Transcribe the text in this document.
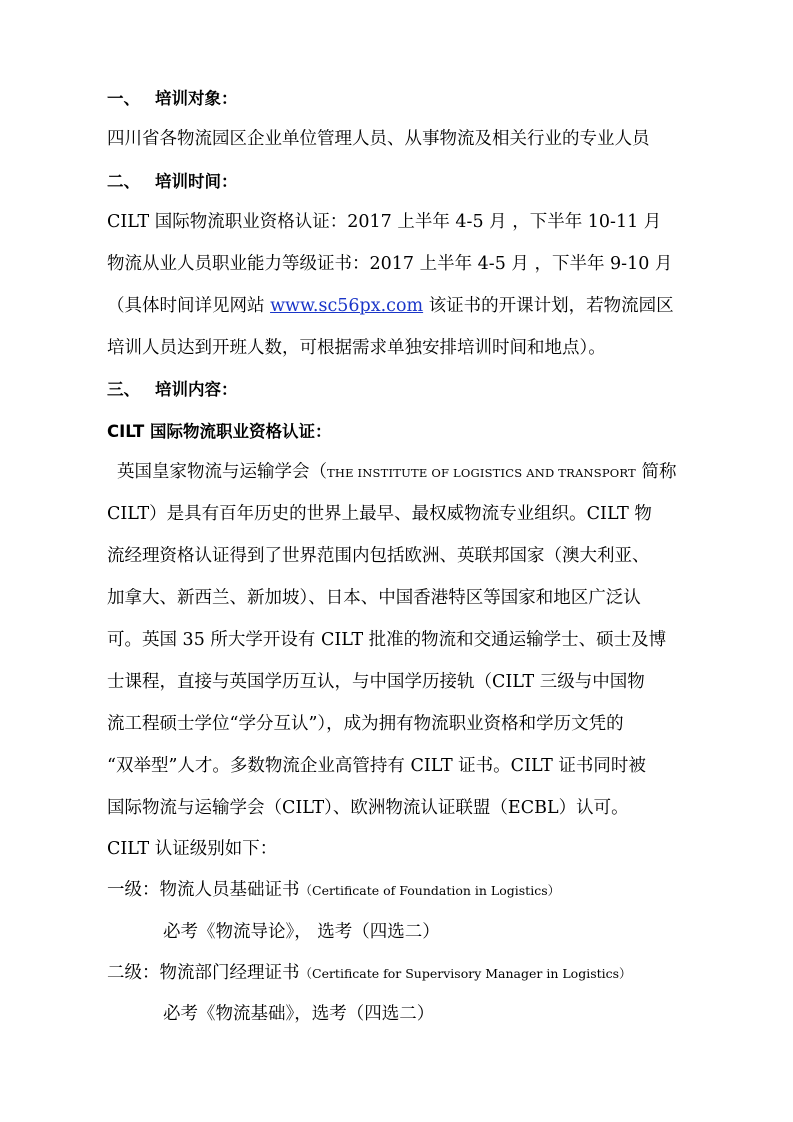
一、 培训对象：
四川省各物流园区企业单位管理人员、从事物流及相关行业的专业人员
二、 培训时间：
CILT 国际物流职业资格认证：2017 上半年 4-5 月 ，下半年 10-11 月
物流从业人员职业能力等级证书：2017 上半年 4-5 月 ，下半年 9-10 月
（具体时间详见网站 www.sc56px.com 该证书的开课计划，若物流园区
培训人员达到开班人数，可根据需求单独安排培训时间和地点）。
三、 培训内容：
CILT 国际物流职业资格认证：
英国皇家物流与运输学会（THE INSTITUTE OF LOGISTICS AND TRANSPORT 简称
CILT）是具有百年历史的世界上最早、最权威物流专业组织。CILT 物
流经理资格认证得到了世界范围内包括欧洲、英联邦国家（澳大利亚、
加拿大、新西兰、新加坡）、日本、中国香港特区等国家和地区广泛认
可。英国 35 所大学开设有 CILT 批准的物流和交通运输学士、硕士及博
士课程，直接与英国学历互认，与中国学历接轨（CILT 三级与中国物
流工程硕士学位“学分互认”），成为拥有物流职业资格和学历文凭的
“双举型”人才。多数物流企业高管持有 CILT 证书。CILT 证书同时被
国际物流与运输学会（CILT）、欧洲物流认证联盟（ECBL）认可。
CILT 认证级别如下：
一级：物流人员基础证书（Certificate of Foundation in Logistics）
必考《物流导论》， 选考（四选二）
二级：物流部门经理证书（Certificate for Supervisory Manager in Logistics）
必考《物流基础》，选考（四选二）
